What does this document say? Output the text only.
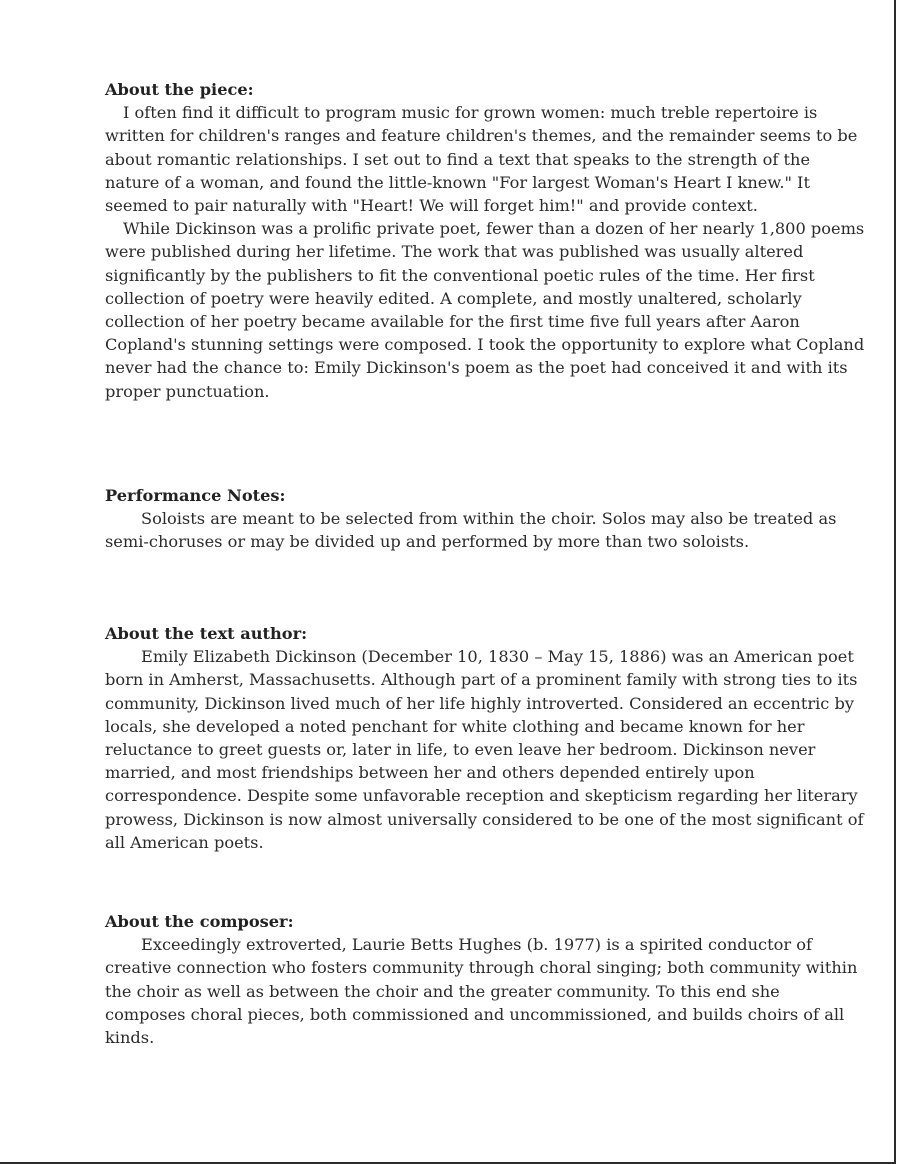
About the piece:

I often find it difficult to program music for grown women: much treble repertoire is written for children's ranges and feature children's themes, and the remainder seems to be about romantic relationships. I set out to find a text that speaks to the strength of the nature of a woman, and found the little-known "For largest Woman's Heart I knew." It seemed to pair naturally with "Heart! We will forget him!" and provide context.

While Dickinson was a prolific private poet, fewer than a dozen of her nearly 1,800 poems were published during her lifetime. The work that was published was usually altered significantly by the publishers to fit the conventional poetic rules of the time. Her first collection of poetry were heavily edited. A complete, and mostly unaltered, scholarly collection of her poetry became available for the first time five full years after Aaron Copland's stunning settings were composed. I took the opportunity to explore what Copland never had the chance to: Emily Dickinson's poem as the poet had conceived it and with its proper punctuation.

Performance Notes:

Soloists are meant to be selected from within the choir. Solos may also be treated as semi-choruses or may be divided up and performed by more than two soloists.

About the text author:

Emily Elizabeth Dickinson (December 10, 1830 – May 15, 1886) was an American poet born in Amherst, Massachusetts. Although part of a prominent family with strong ties to its community, Dickinson lived much of her life highly introverted. Considered an eccentric by locals, she developed a noted penchant for white clothing and became known for her reluctance to greet guests or, later in life, to even leave her bedroom. Dickinson never married, and most friendships between her and others depended entirely upon correspondence. Despite some unfavorable reception and skepticism regarding her literary prowess, Dickinson is now almost universally considered to be one of the most significant of all American poets.

About the composer:

Exceedingly extroverted, Laurie Betts Hughes (b. 1977) is a spirited conductor of creative connection who fosters community through choral singing; both community within the choir as well as between the choir and the greater community. To this end she composes choral pieces, both commissioned and uncommissioned, and builds choirs of all kinds.
